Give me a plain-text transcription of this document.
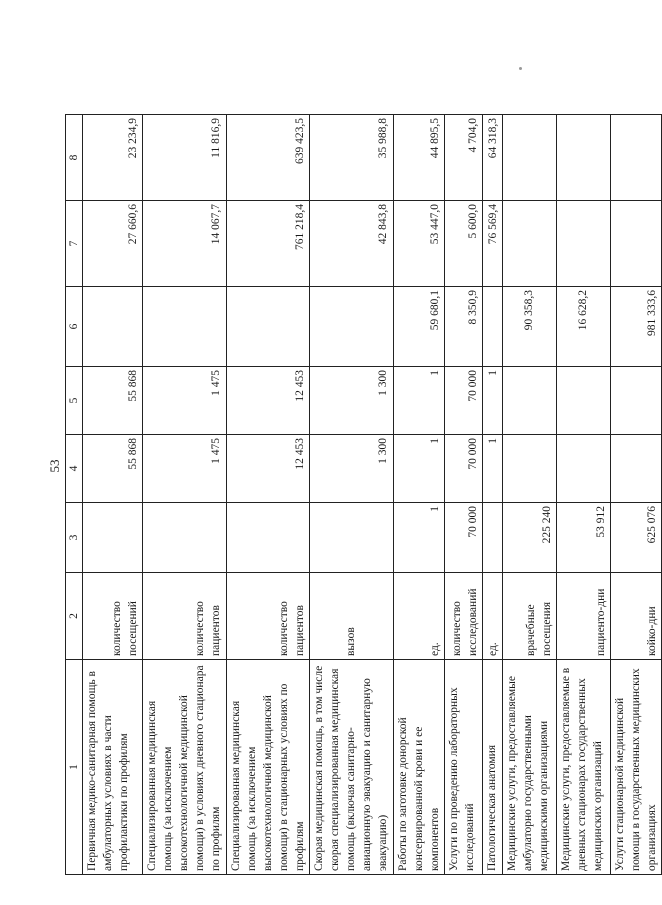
53
1	2	3	4	5	6	7	8
Первичная медико-санитарная помощь в амбулаторных условиях в части профилактики по профилям	количество посещений		55 868	55 868		27 660,6	23 234,9
Специализированная медицинская помощь (за исключением высокотехнологичной медицинской помощи) в условиях дневного стационара по профилям	количество пациентов		1 475	1 475		14 067,7	11 816,9
Специализированная медицинская помощь (за исключением высокотехнологичной медицинской помощи) в стационарных условиях по профилям	количество пациентов		12 453	12 453		761 218,4	639 423,5
Скорая медицинская помощь, в том числе скорая специализированная медицинская помощь (включая санитарно-авиационную эвакуацию и санитарную эвакуацию)	вызов		1 300	1 300		42 843,8	35 988,8
Работы по заготовке донорской консервированной крови и ее компонентов	ед.	1	1	1	59 680,1	53 447,0	44 895,5
Услуги по проведению лабораторных исследований	количество исследований	70 000	70 000	70 000	8 350,9	5 600,0	4 704,0
Патологическая анатомия	ед.		1	1		76 569,4	64 318,3
Медицинские услуги, предоставляемые амбулаторно государственными медицинскими организациями	врачебные посещения	225 240			90 358,3		
Медицинские услуги, предоставляемые в дневных стационарах государственных медицинских организаций	пациенто-дни	53 912			16 628,2		
Услуги стационарной медицинской помощи в государственных медицинских организациях	койко-дни	625 076			981 333,6		
